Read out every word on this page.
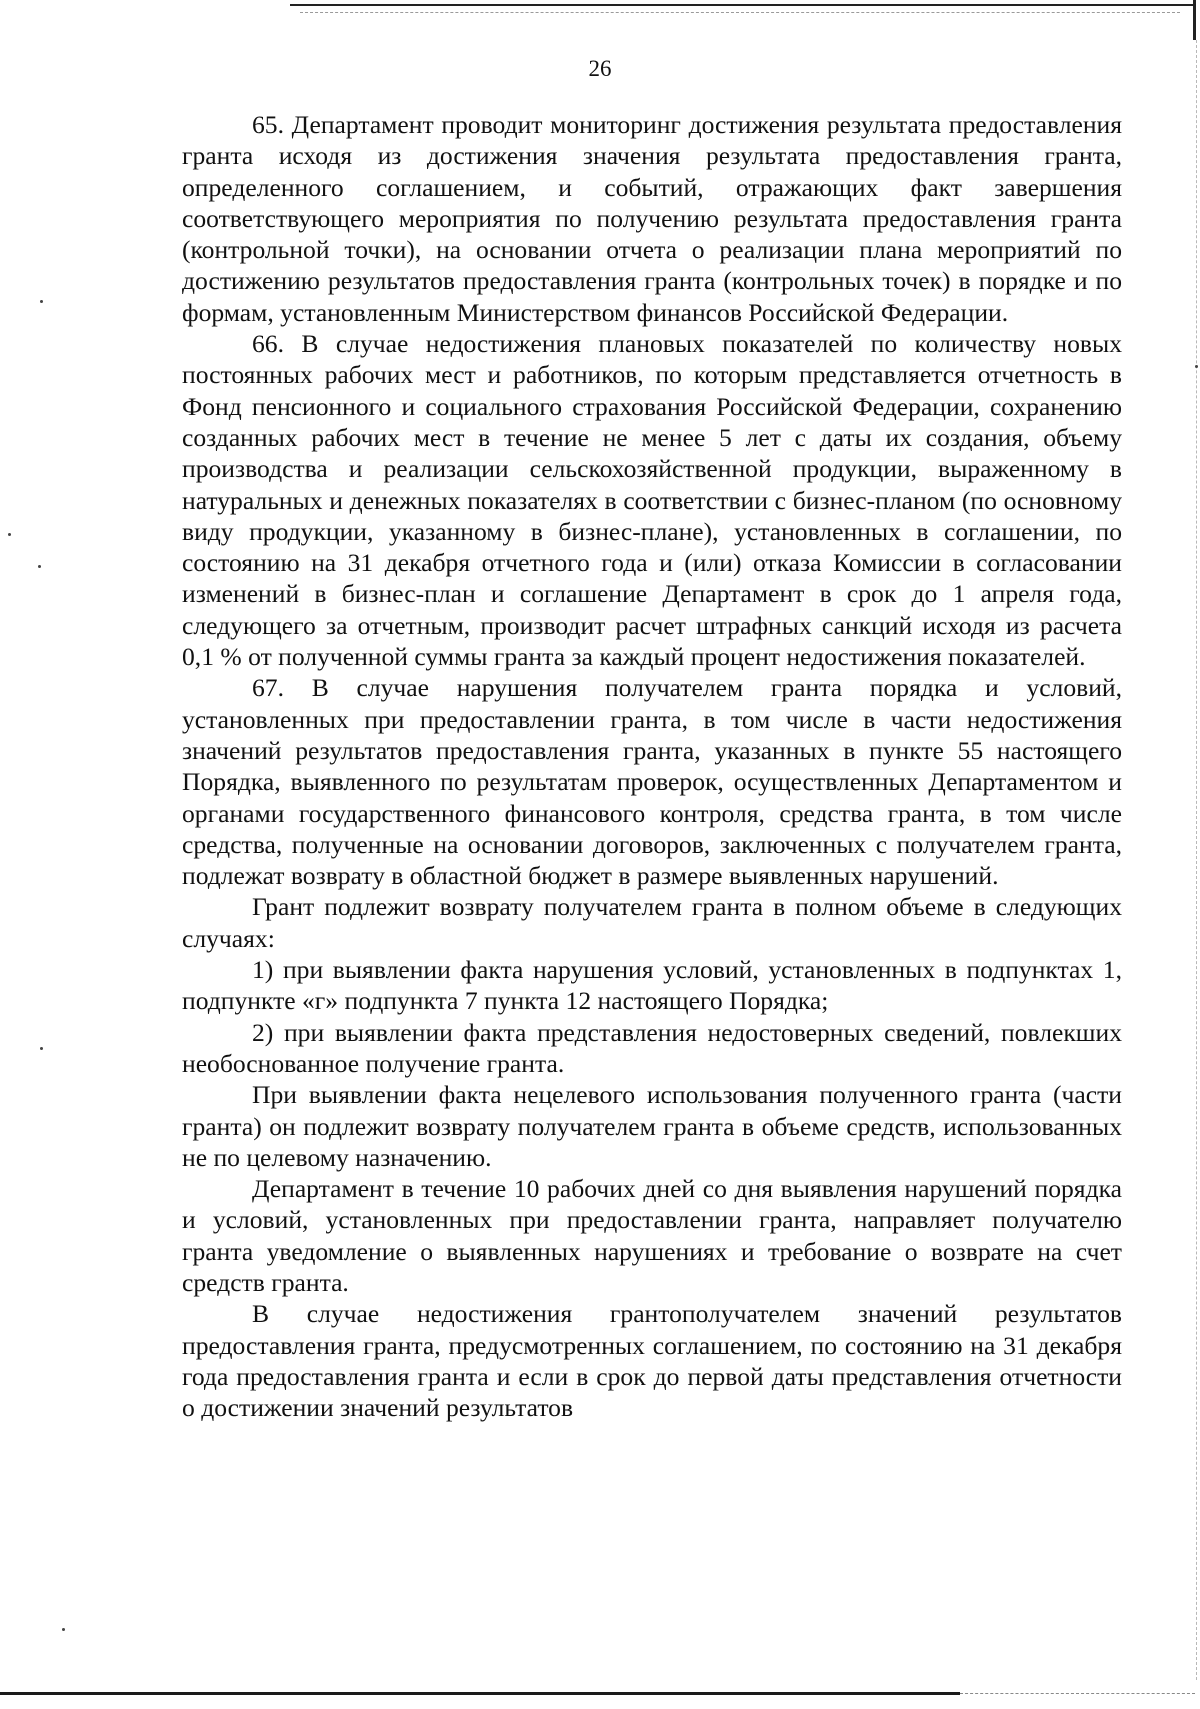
26

65. Департамент проводит мониторинг достижения результата предоставления гранта исходя из достижения значения результата предоставления гранта, определенного соглашением, и событий, отражающих факт завершения соответствующего мероприятия по получению результата предоставления гранта (контрольной точки), на основании отчета о реализации плана мероприятий по достижению результатов предоставления гранта (контрольных точек) в порядке и по формам, установленным Министерством финансов Российской Федерации.

66. В случае недостижения плановых показателей по количеству новых постоянных рабочих мест и работников, по которым представляется отчетность в Фонд пенсионного и социального страхования Российской Федерации, сохранению созданных рабочих мест в течение не менее 5 лет с даты их создания, объему производства и реализации сельскохозяйственной продукции, выраженному в натуральных и денежных показателях в соответствии с бизнес-планом (по основному виду продукции, указанному в бизнес-плане), установленных в соглашении, по состоянию на 31 декабря отчетного года и (или) отказа Комиссии в согласовании изменений в бизнес-план и соглашение Департамент в срок до 1 апреля года, следующего за отчетным, производит расчет штрафных санкций исходя из расчета 0,1 % от полученной суммы гранта за каждый процент недостижения показателей.

67. В случае нарушения получателем гранта порядка и условий, установленных при предоставлении гранта, в том числе в части недостижения значений результатов предоставления гранта, указанных в пункте 55 настоящего Порядка, выявленного по результатам проверок, осуществленных Департаментом и органами государственного финансового контроля, средства гранта, в том числе средства, полученные на основании договоров, заключенных с получателем гранта, подлежат возврату в областной бюджет в размере выявленных нарушений.

Грант подлежит возврату получателем гранта в полном объеме в следующих случаях:

1) при выявлении факта нарушения условий, установленных в подпунктах 1, подпункте «г» подпункта 7 пункта 12 настоящего Порядка;

2) при выявлении факта представления недостоверных сведений, повлекших необоснованное получение гранта.

При выявлении факта нецелевого использования полученного гранта (части гранта) он подлежит возврату получателем гранта в объеме средств, использованных не по целевому назначению.

Департамент в течение 10 рабочих дней со дня выявления нарушений порядка и условий, установленных при предоставлении гранта, направляет получателю гранта уведомление о выявленных нарушениях и требование о возврате на счет средств гранта.

В случае недостижения грантополучателем значений результатов предоставления гранта, предусмотренных соглашением, по состоянию на 31 декабря года предоставления гранта и если в срок до первой даты представления отчетности о достижении значений результатов
